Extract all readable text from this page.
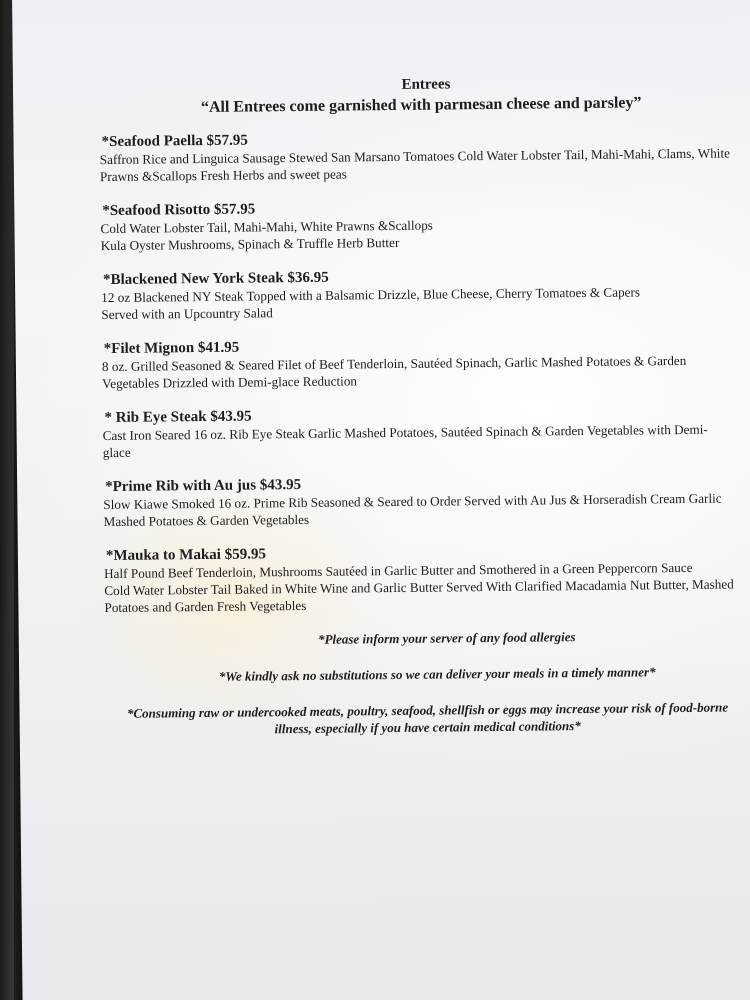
Entrees
“All Entrees come garnished with parmesan cheese and parsley”
*Seafood Paella $57.95
Saffron Rice and Linguica Sausage Stewed San Marsano Tomatoes Cold Water Lobster Tail, Mahi-Mahi, Clams, White Prawns &Scallops Fresh Herbs and sweet peas
*Seafood Risotto $57.95
Cold Water Lobster Tail, Mahi-Mahi, White Prawns &Scallops
Kula Oyster Mushrooms, Spinach & Truffle Herb Butter
*Blackened New York Steak $36.95
12 oz Blackened NY Steak Topped with a Balsamic Drizzle, Blue Cheese, Cherry Tomatoes & Capers
Served with an Upcountry Salad
*Filet Mignon $41.95
8 oz. Grilled Seasoned & Seared Filet of Beef Tenderloin, Sautéed Spinach, Garlic Mashed Potatoes & Garden Vegetables Drizzled with Demi-glace Reduction
* Rib Eye Steak $43.95
Cast Iron Seared 16 oz. Rib Eye Steak Garlic Mashed Potatoes, Sautéed Spinach & Garden Vegetables with Demi-glace
*Prime Rib with Au jus $43.95
Slow Kiawe Smoked 16 oz. Prime Rib Seasoned & Seared to Order Served with Au Jus & Horseradish Cream Garlic Mashed Potatoes & Garden Vegetables
*Mauka to Makai $59.95
Half Pound Beef Tenderloin, Mushrooms Sautéed in Garlic Butter and Smothered in a Green Peppercorn Sauce
Cold Water Lobster Tail Baked in White Wine and Garlic Butter Served With Clarified Macadamia Nut Butter, Mashed Potatoes and Garden Fresh Vegetables
*Please inform your server of any food allergies
*We kindly ask no substitutions so we can deliver your meals in a timely manner*
*Consuming raw or undercooked meats, poultry, seafood, shellfish or eggs may increase your risk of food-borne illness, especially if you have certain medical conditions*
